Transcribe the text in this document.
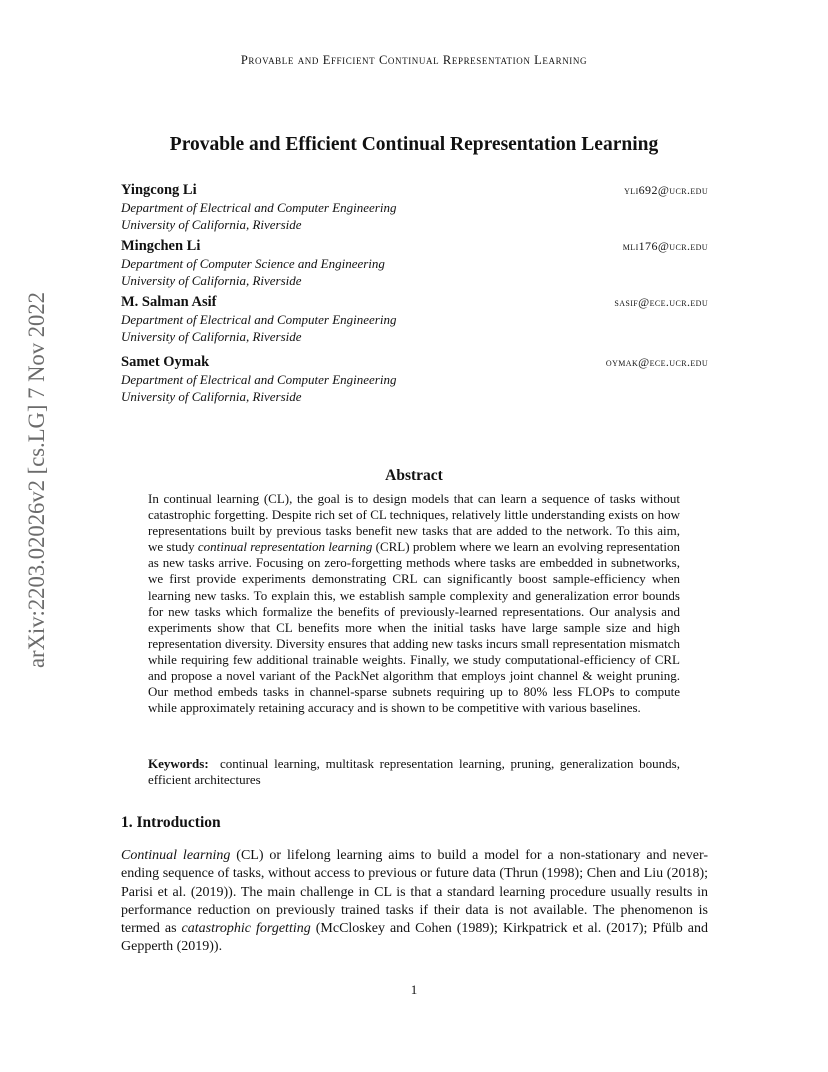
Provable and Efficient Continual Representation Learning
Provable and Efficient Continual Representation Learning
Yingcong Li	yli692@ucr.edu
Department of Electrical and Computer Engineering
University of California, Riverside
Mingchen Li	mli176@ucr.edu
Department of Computer Science and Engineering
University of California, Riverside
M. Salman Asif	sasif@ece.ucr.edu
Department of Electrical and Computer Engineering
University of California, Riverside
Samet Oymak	oymak@ece.ucr.edu
Department of Electrical and Computer Engineering
University of California, Riverside
arXiv:2203.02026v2 [cs.LG] 7 Nov 2022	Abstract
In continual learning (CL), the goal is to design models that can learn a sequence of tasks without catastrophic forgetting. Despite rich set of CL techniques, relatively little understanding exists on how representations built by previous tasks benefit new tasks that are added to the network. To this aim, we study continual representation learning (CRL) problem where we learn an evolving representation as new tasks arrive. Focusing on zero-forgetting methods where tasks are embedded in subnetworks, we first provide experiments demonstrating CRL can significantly boost sample-efficiency when learning new tasks. To explain this, we establish sample complexity and generalization error bounds for new tasks which formalize the benefits of previously-learned representations. Our analysis and experiments show that CL benefits more when the initial tasks have large sample size and high representation diversity. Diversity ensures that adding new tasks incurs small representation mismatch while requiring few additional trainable weights. Finally, we study computational-efficiency of CRL and propose a novel variant of the PackNet algorithm that employs joint channel & weight pruning. Our method embeds tasks in channel-sparse subnets requiring up to 80% less FLOPs to compute while approximately retaining accuracy and is shown to be competitive with various baselines.
Keywords: continual learning, multitask representation learning, pruning, generalization bounds, efficient architectures
1. Introduction
Continual learning (CL) or lifelong learning aims to build a model for a non-stationary and never-ending sequence of tasks, without access to previous or future data (Thrun (1998); Chen and Liu (2018); Parisi et al. (2019)). The main challenge in CL is that a standard learning procedure usually results in performance reduction on previously trained tasks if their data is not available. The phenomenon is termed as catastrophic forgetting (McCloskey and Cohen (1989); Kirkpatrick et al. (2017); Pfülb and Gepperth (2019)).
1
